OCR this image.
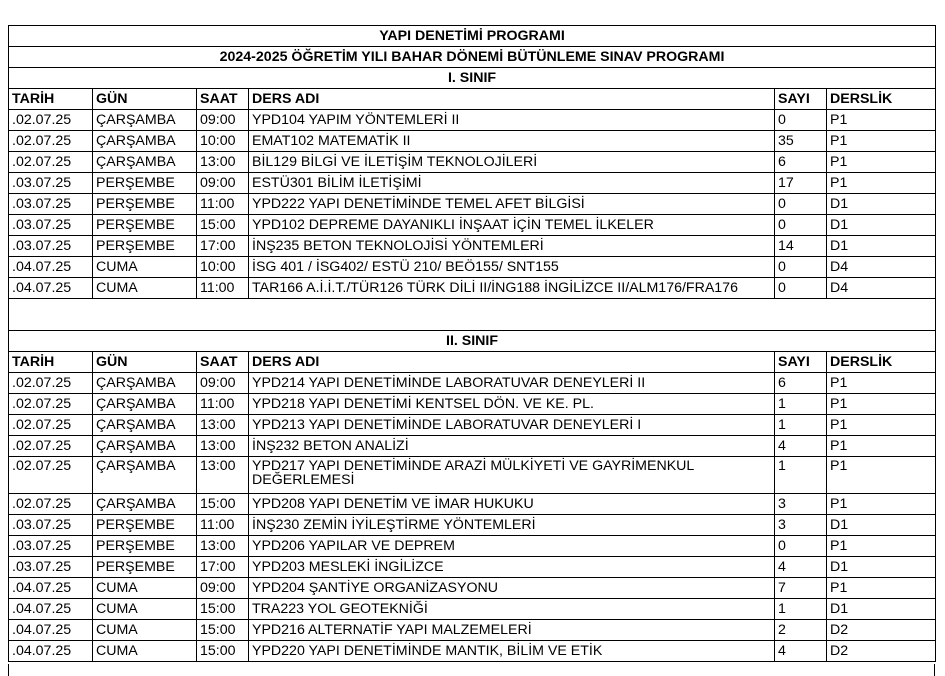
YAPI DENETİMİ PROGRAMI					
2024-2025 ÖĞRETİM YILI BAHAR DÖNEMİ BÜTÜNLEME SINAV PROGRAMI					
I. SINIF					
TARİH	GÜN	SAAT	DERS ADI	SAYI	DERSLİK
.02.07.25	ÇARŞAMBA	09:00	YPD104 YAPIM YÖNTEMLERİ II	0	P1
.02.07.25	ÇARŞAMBA	10:00	EMAT102 MATEMATİK II	35	P1
.02.07.25	ÇARŞAMBA	13:00	BİL129 BİLGİ VE İLETİŞİM TEKNOLOJİLERİ	6	P1
.03.07.25	PERŞEMBE	09:00	ESTÜ301 BİLİM İLETİŞİMİ	17	P1
.03.07.25	PERŞEMBE	11:00	YPD222 YAPI DENETİMİNDE TEMEL AFET BİLGİSİ	0	D1
.03.07.25	PERŞEMBE	15:00	YPD102 DEPREME DAYANIKLI İNŞAAT İÇİN TEMEL İLKELER	0	D1
.03.07.25	PERŞEMBE	17:00	İNŞ235 BETON TEKNOLOJİSİ YÖNTEMLERİ	14	D1
.04.07.25	CUMA	10:00	İSG 401 / İSG402/ ESTÜ 210/ BEÖ155/ SNT155	0	D4
.04.07.25	CUMA	11:00	TAR166 A.İ.İ.T./TÜR126 TÜRK DİLİ II/İNG188 İNGİLİZCE II/ALM176/FRA176	0	D4

II. SINIF					
TARİH	GÜN	SAAT	DERS ADI	SAYI	DERSLİK
.02.07.25	ÇARŞAMBA	09:00	YPD214 YAPI DENETİMİNDE LABORATUVAR DENEYLERİ II	6	P1
.02.07.25	ÇARŞAMBA	11:00	YPD218 YAPI DENETİMİ KENTSEL DÖN. VE KE. PL.	1	P1
.02.07.25	ÇARŞAMBA	13:00	YPD213 YAPI DENETİMİNDE LABORATUVAR DENEYLERİ I	1	P1
.02.07.25	ÇARŞAMBA	13:00	İNŞ232 BETON ANALİZİ	4	P1
.02.07.25	ÇARŞAMBA	13:00	YPD217 YAPI DENETİMİNDE ARAZİ MÜLKİYETİ VE GAYRİMENKUL DEĞERLEMESİ	1	P1
.02.07.25	ÇARŞAMBA	15:00	YPD208 YAPI DENETİM VE İMAR HUKUKU	3	P1
.03.07.25	PERŞEMBE	11:00	İNŞ230 ZEMİN İYİLEŞTİRME YÖNTEMLERİ	3	D1
.03.07.25	PERŞEMBE	13:00	YPD206 YAPILAR VE DEPREM	0	P1
.03.07.25	PERŞEMBE	17:00	YPD203 MESLEKİ İNGİLİZCE	4	D1
.04.07.25	CUMA	09:00	YPD204 ŞANTİYE ORGANİZASYONU	7	P1
.04.07.25	CUMA	15:00	TRA223 YOL GEOTEKNİĞİ	1	D1
.04.07.25	CUMA	15:00	YPD216 ALTERNATİF YAPI MALZEMELERİ	2	D2
.04.07.25	CUMA	15:00	YPD220 YAPI DENETİMİNDE MANTIK, BİLİM VE ETİK	4	D2
